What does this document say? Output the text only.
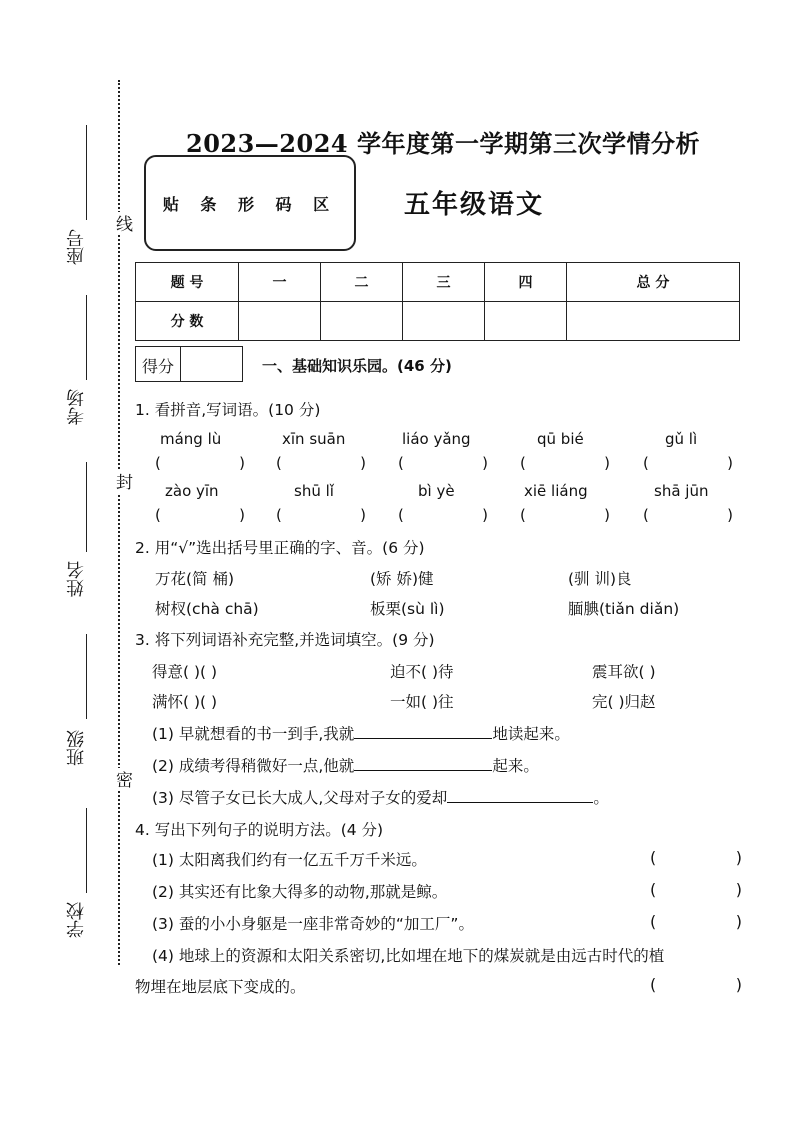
线
封
密
座号
考场
姓名
班级
学校
2023—2024 学年度第一学期第三次学情分析
贴 条 形 码 区	五年级语文
题 号	一	二	三	四	总 分
分 数					
得分	一、基础知识乐园。(46 分)
1. 看拼音,写词语。(10 分)
máng lù	xīn suān	liáo yǎng	qū bié	gǔ lì
(	) (	) (	) (	) (	)
zào yīn	shū lǐ	bì yè	xiē liáng	shā jūn
(	) (	) (	) (	) (	)
2. 用“√”选出括号里正确的字、音。(6 分)
万花(简 桶)	(矫 娇)健	(驯 训)良
树杈(chà chā)	板栗(sù lì)	腼腆(tiǎn diǎn)
3. 将下列词语补充完整,并选词填空。(9 分)
得意( )( )	迫不( )待	震耳欲( )
满怀( )( )	一如( )往	完( )归赵
(1) 早就想看的书一到手,我就	地读起来。
(2) 成绩考得稍微好一点,他就	起来。
(3) 尽管子女已长大成人,父母对子女的爱却	。
4. 写出下列句子的说明方法。(4 分)
(1) 太阳离我们约有一亿五千万千米远。	(	)
(2) 其实还有比象大得多的动物,那就是鲸。	(	)
(3) 蚕的小小身躯是一座非常奇妙的“加工厂”。	(	)
(4) 地球上的资源和太阳关系密切,比如埋在地下的煤炭就是由远古时代的植
物埋在地层底下变成的。	(	)
